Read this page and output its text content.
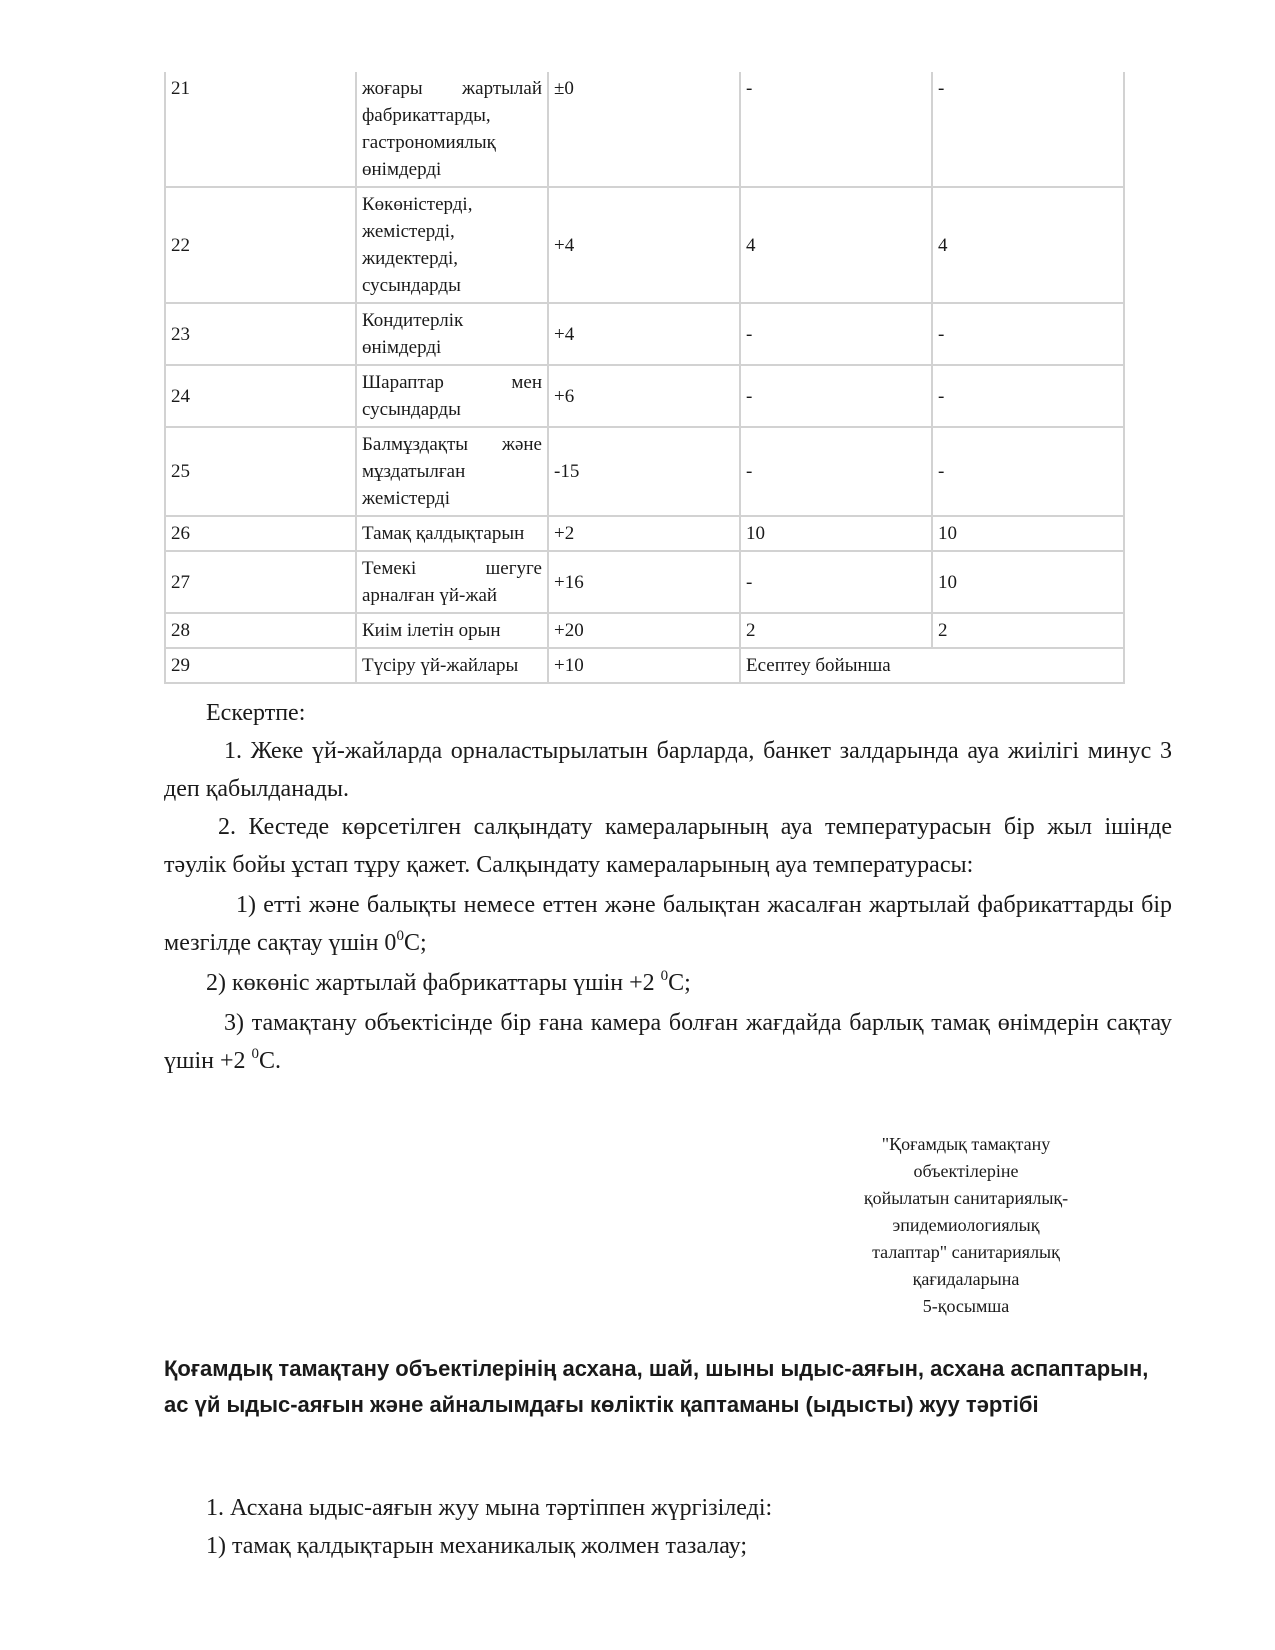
21	жоғары жартылай фабрикаттарды, гастрономиялық өнімдерді	±0	-	-
22	Көкөністерді, жемістерді, жидектерді, сусындарды	+4	4	4
23	Кондитерлік өнімдерді	+4	-	-
24	Шараптар мен сусындарды	+6	-	-
25	Балмұздақты және мұздатылған жемістерді	-15	-	-
26	Тамақ қалдықтарын	+2	10	10
27	Темекі шегуге арналған үй-жай	+16	-	10
28	Киім ілетін орын	+20	2	2
29	Түсіру үй-жайлары	+10	Есептеу бойынша	

Ескертпе:

1. Жеке үй-жайларда орналастырылатын барларда, банкет залдарында ауа жиілігі минус 3 деп қабылданады.

2. Кестеде көрсетілген салқындату камераларының ауа температурасын бір жыл ішінде тәулік бойы ұстап тұру қажет. Салқындату камераларының ауа температурасы:

1) етті және балықты немесе еттен және балықтан жасалған жартылай фабрикаттарды бір мезгілде сақтау үшін $0^0С$;

2) көкөніс жартылай фабрикаттары үшін +2 $^0$С;

3) тамақтану объектісінде бір ғана камера болған жағдайда барлық тамақ өнімдерін сақтау үшін +2 $^0$С.

"Қоғамдық тамақтану
объектілеріне
қойылатын санитариялық-
эпидемиологиялық
талаптар" санитариялық
қағидаларына
5-қосымша
Қоғамдық тамақтану объектілерінің асхана, шай, шыны ыдыс-аяғын, асхана аспаптарын, ас үй ыдыс-аяғын және айналымдағы көліктік қаптаманы (ыдысты) жуу тәртібі

1. Асхана ыдыс-аяғын жуу мына тәртіппен жүргізіледі:

1) тамақ қалдықтарын механикалық жолмен тазалау;
